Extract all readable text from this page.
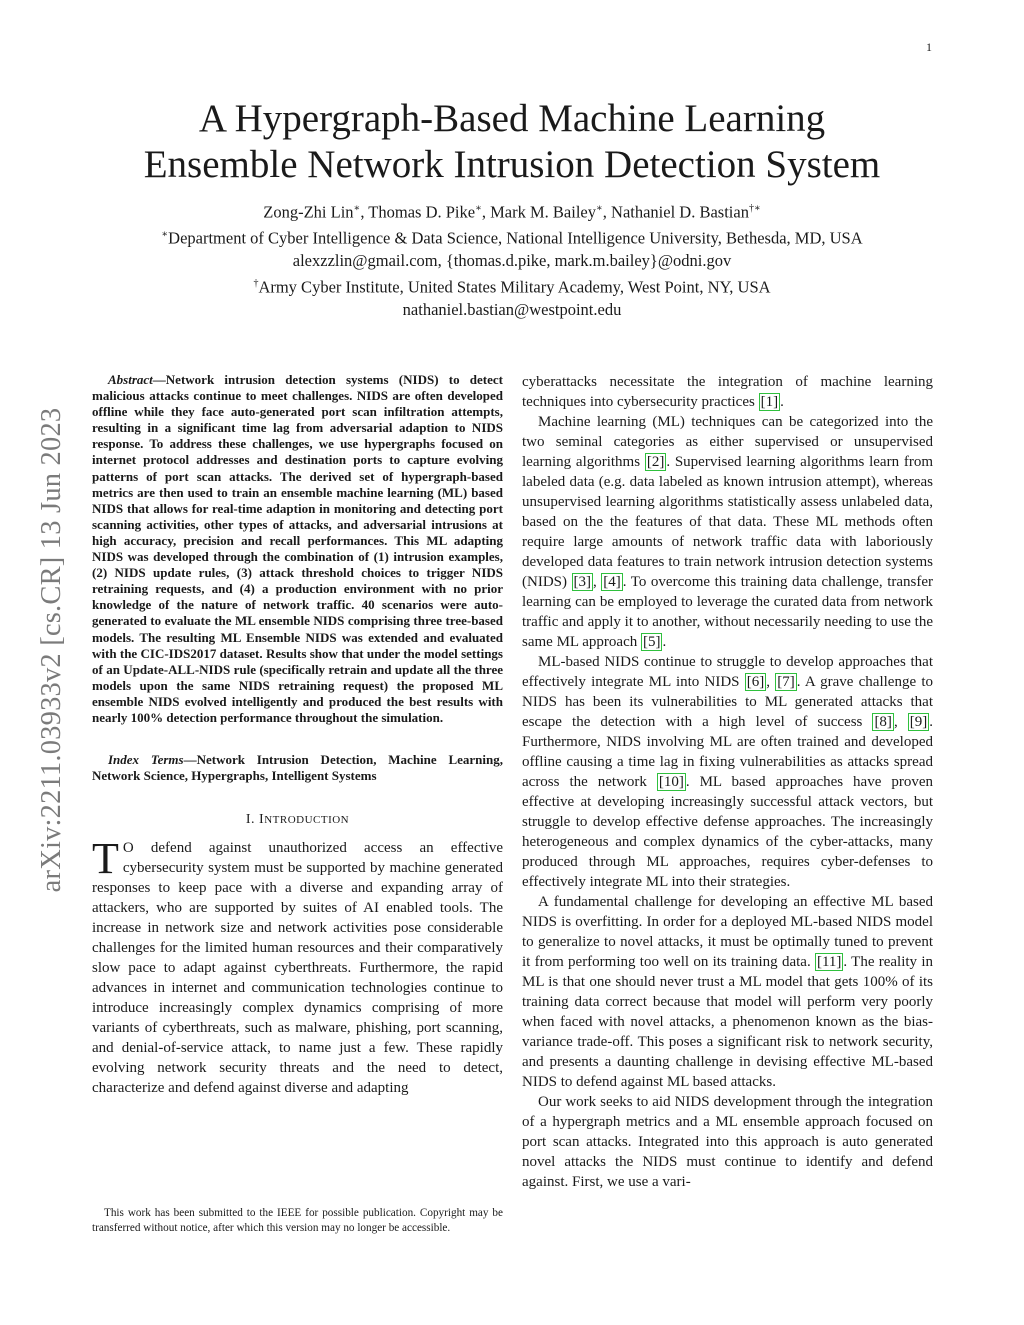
1
arXiv:2211.03933v2 [cs.CR] 13 Jun 2023
A Hypergraph-Based Machine Learning
Ensemble Network Intrusion Detection System
Zong-Zhi Lin∗, Thomas D. Pike∗, Mark M. Bailey∗, Nathaniel D. Bastian†∗
∗Department of Cyber Intelligence & Data Science, National Intelligence University, Bethesda, MD, USA
alexzzlin@gmail.com, {thomas.d.pike, mark.m.bailey}@odni.gov
†Army Cyber Institute, United States Military Academy, West Point, NY, USA
nathaniel.bastian@westpoint.edu

Abstract—Network intrusion detection systems (NIDS) to detect malicious attacks continue to meet challenges. NIDS are often developed offline while they face auto-generated port scan infiltration attempts, resulting in a significant time lag from adversarial adaption to NIDS response. To address these challenges, we use hypergraphs focused on internet protocol addresses and destination ports to capture evolving patterns of port scan attacks. The derived set of hypergraph-based metrics are then used to train an ensemble machine learning (ML) based NIDS that allows for real-time adaption in monitoring and detecting port scanning activities, other types of attacks, and adversarial intrusions at high accuracy, precision and recall performances. This ML adapting NIDS was developed through the combination of (1) intrusion examples, (2) NIDS update rules, (3) attack threshold choices to trigger NIDS retraining requests, and (4) a production environment with no prior knowledge of the nature of network traffic. 40 scenarios were auto-generated to evaluate the ML ensemble NIDS comprising three tree-based models. The resulting ML Ensemble NIDS was extended and evaluated with the CIC-IDS2017 dataset. Results show that under the model settings of an Update-ALL-NIDS rule (specifically retrain and update all the three models upon the same NIDS retraining request) the proposed ML ensemble NIDS evolved intelligently and produced the best results with nearly 100% detection performance throughout the simulation.

Index Terms—Network Intrusion Detection, Machine Learning, Network Science, Hypergraphs, Intelligent Systems

I. INTRODUCTION

T O defend against unauthorized access an effective cybersecurity system must be supported by machine generated responses to keep pace with a diverse and expanding array of attackers, who are supported by suites of AI enabled tools. The increase in network size and network activities pose considerable challenges for the limited human resources and their comparatively slow pace to adapt against cyberthreats. Furthermore, the rapid advances in internet and communication technologies continue to introduce increasingly complex dynamics comprising of more variants of cyberthreats, such as malware, phishing, port scanning, and denial-of-service attack, to name just a few. These rapidly evolving network security threats and the need to detect, characterize and defend against diverse and adapting

This work has been submitted to the IEEE for possible publication. Copyright may be transferred without notice, after which this version may no longer be accessible.

cyberattacks necessitate the integration of machine learning techniques into cybersecurity practices [1] .

Machine learning (ML) techniques can be categorized into the two seminal categories as either supervised or unsupervised learning algorithms [2] . Supervised learning algorithms learn from labeled data (e.g. data labeled as known intrusion attempt), whereas unsupervised learning algorithms statistically assess unlabeled data, based on the the features of that data. These ML methods often require large amounts of network traffic data with laboriously developed data features to train network intrusion detection systems (NIDS) [3] , [4] . To overcome this training data challenge, transfer learning can be employed to leverage the curated data from network traffic and apply it to another, without necessarily needing to use the same ML approach [5] .

ML-based NIDS continue to struggle to develop approaches that effectively integrate ML into NIDS [6] , [7] . A grave challenge to NIDS has been its vulnerabilities to ML generated attacks that escape the detection with a high level of success [8] , [9] . Furthermore, NIDS involving ML are often trained and developed offline causing a time lag in fixing vulnerabilities as attacks spread across the network [10] . ML based approaches have proven effective at developing increasingly successful attack vectors, but struggle to develop effective defense approaches. The increasingly heterogeneous and complex dynamics of the cyber-attacks, many produced through ML approaches, requires cyber-defenses to effectively integrate ML into their strategies.

A fundamental challenge for developing an effective ML based NIDS is overfitting. In order for a deployed ML-based NIDS model to generalize to novel attacks, it must be optimally tuned to prevent it from performing too well on its training data. [11] . The reality in ML is that one should never trust a ML model that gets 100% of its training data correct because that model will perform very poorly when faced with novel attacks, a phenomenon known as the bias-variance trade-off. This poses a significant risk to network security, and presents a daunting challenge in devising effective ML-based NIDS to defend against ML based attacks.

Our work seeks to aid NIDS development through the integration of a hypergraph metrics and a ML ensemble approach focused on port scan attacks. Integrated into this approach is auto generated novel attacks the NIDS must continue to identify and defend against. First, we use a vari-
